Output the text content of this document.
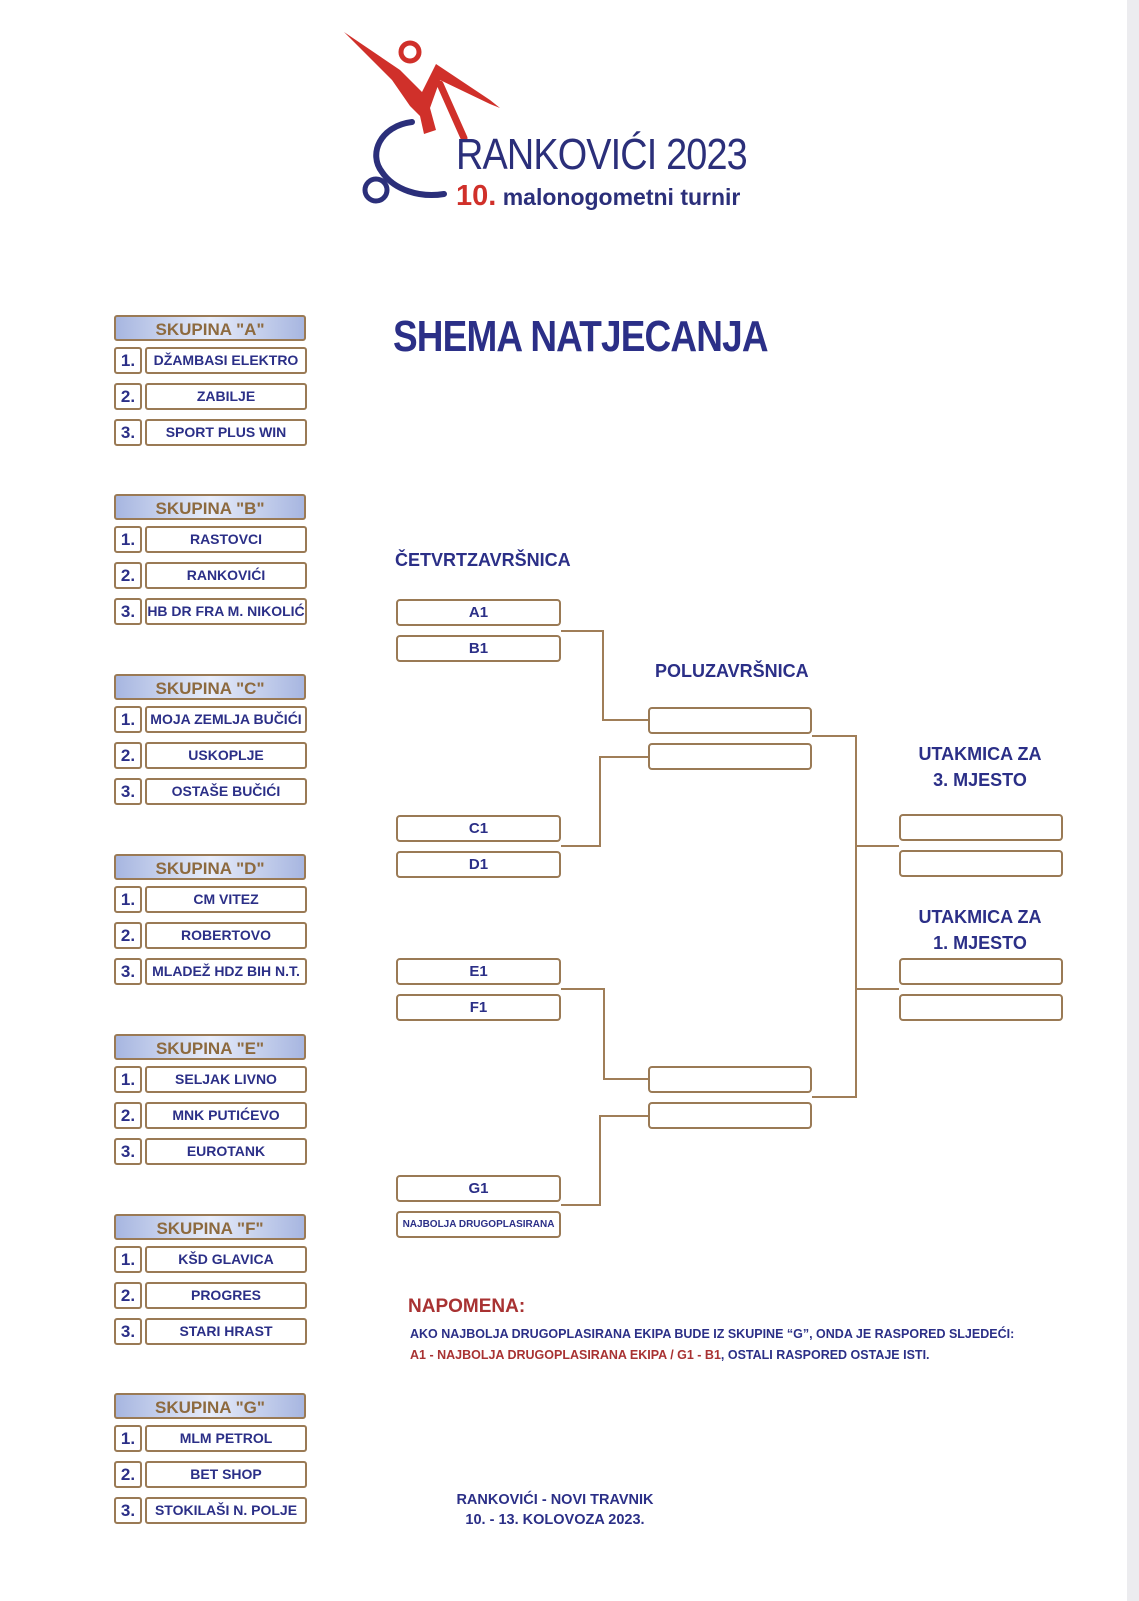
RANKOVIĆI 2023
10. malonogometni turnir
SHEMA NATJECANJA
SKUPINA "A"
1.	DŽAMBASI ELEKTRO
2.	ZABILJE
3.	SPORT PLUS WIN
SKUPINA "B"
1.	RASTOVCI
2.	RANKOVIĆI
3. HB DR FRA M. NIKOLIĆ
SKUPINA "C"
1.	MOJA ZEMLJA BUČIĆI
2.	USKOPLJE
3.	OSTAŠE BUČIĆI
SKUPINA "D"
1.	CM VITEZ
2.	ROBERTOVO
3.	MLADEŽ HDZ BIH N.T.
SKUPINA "E"
1.	SELJAK LIVNO
2.	MNK PUTIĆEVO
3.	EUROTANK
SKUPINA "F"
1.	KŠD GLAVICA
2.	PROGRES
3.	STARI HRAST
SKUPINA "G"
1.	MLM PETROL
2.	BET SHOP
3.	STOKILAŠI N. POLJE
ČETVRTZAVRŠNICA
POLUZAVRŠNICA
UTAKMICA ZA
3. MJESTO
UTAKMICA ZA
1. MJESTO
A1
B1
C1
D1
E1
F1
G1
NAJBOLJA DRUGOPLASIRANA
NAPOMENA:
AKO NAJBOLJA DRUGOPLASIRANA EKIPA BUDE IZ SKUPINE “G”, ONDA JE RASPORED SLJEDEĆI:
A1 - NAJBOLJA DRUGOPLASIRANA EKIPA / G1 - B1, OSTALI RASPORED OSTAJE ISTI.
RANKOVIĆI - NOVI TRAVNIK
10. - 13. KOLOVOZA 2023.
